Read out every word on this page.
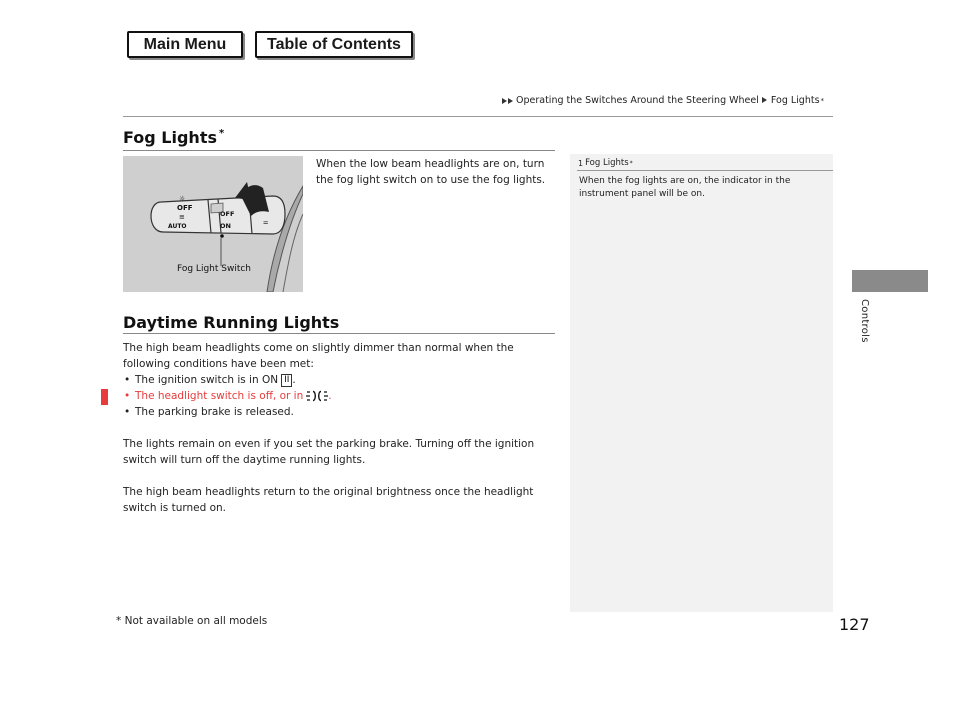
Main Menu	Table of Contents
Operating the Switches Around the Steering Wheel Fog Lights *
Controls
Fog Lights *
OFF
☼
≡
AUTO
OFF
ON	⚌
Fog Light Switch
When the low beam headlights are on, turn the fog light switch on to use the fog lights.
Daytime Running Lights

The high beam headlights come on slightly dimmer than normal when the following conditions have been met:

• The ignition switch is in ON II .
• The headlight switch is off, or in .
• The parking brake is released.

The lights remain on even if you set the parking brake. Turning off the ignition switch will turn off the daytime running lights.

The high beam headlights return to the original brightness once the headlight switch is turned on.

1 Fog Lights *
When the fog lights are on, the indicator in the instrument panel will be on.
* Not available on all models	127
